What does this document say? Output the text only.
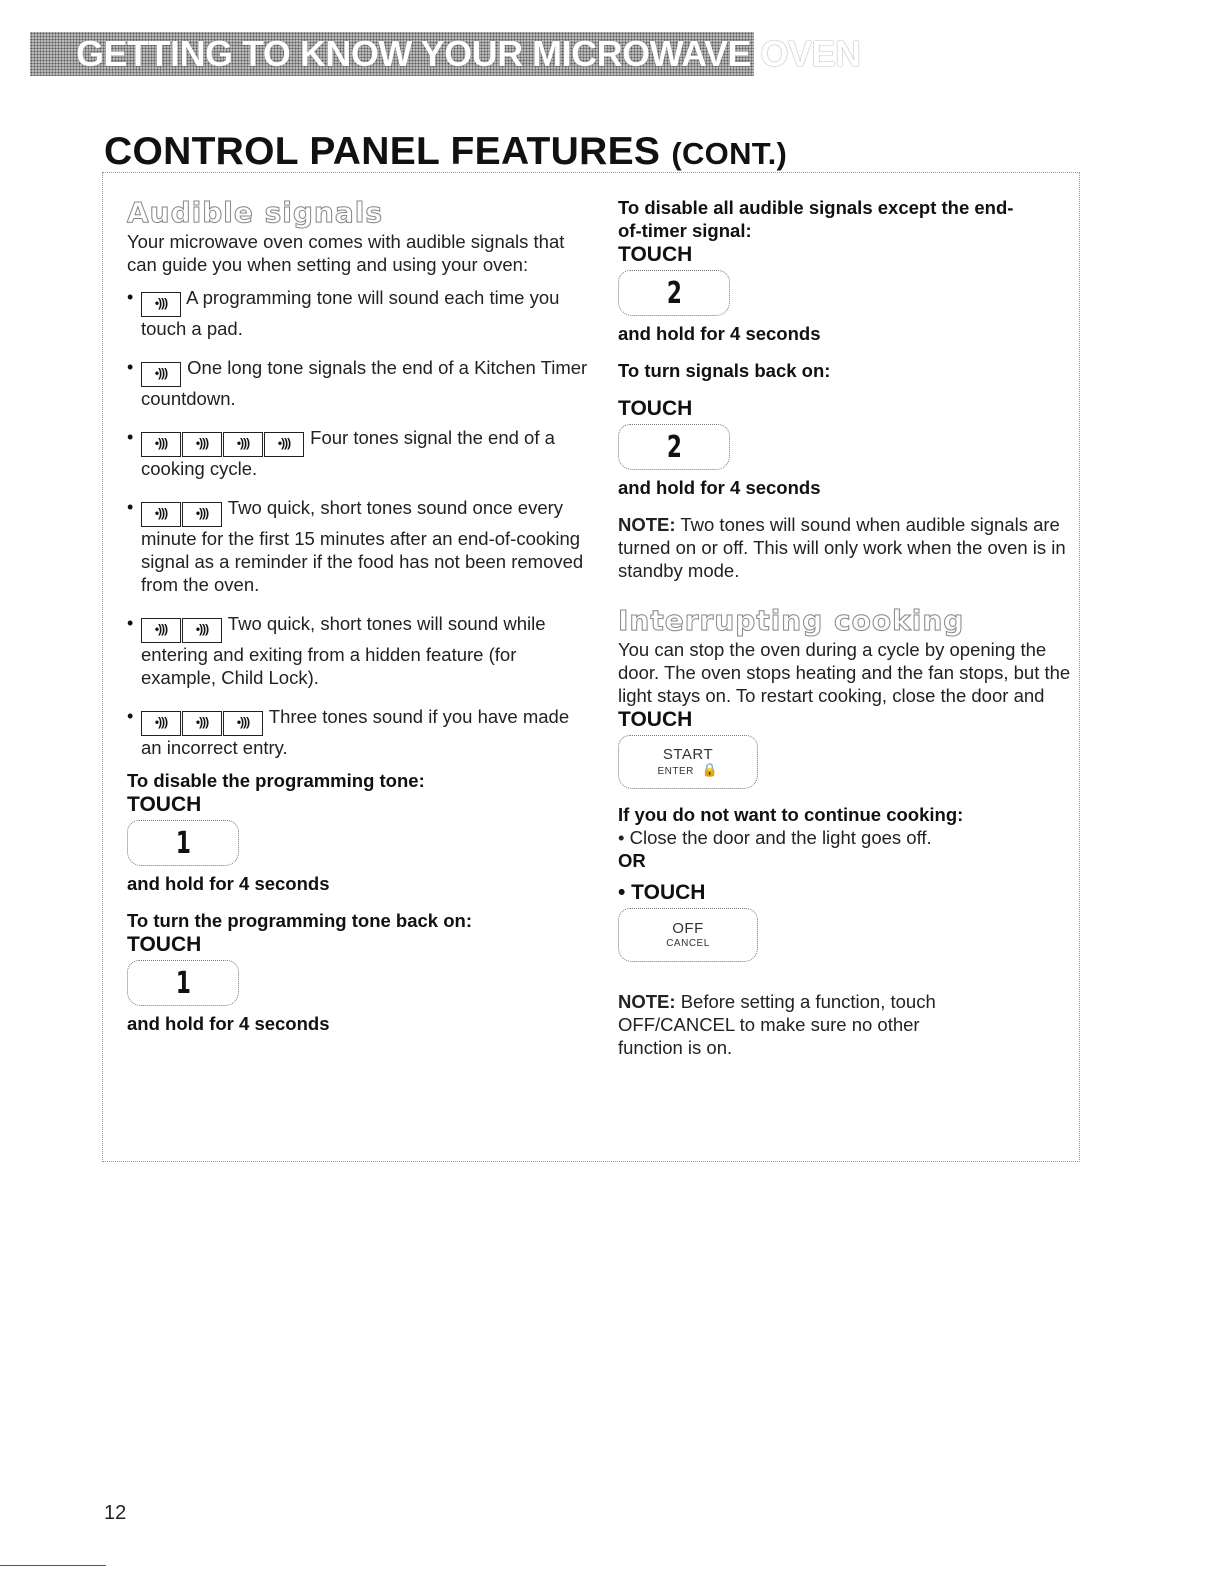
GETTING TO KNOW YOUR MICROWAVE OVEN
CONTROL PANEL FEATURES (CONT.)
Audible signals

Your microwave oven comes with audible signals that can guide you when setting and using your oven:

• •))) A programming tone will sound each time you touch a pad.
• •))) One long tone signals the end of a Kitchen Timer countdown.
• •))) •))) •))) •))) Four tones signal the end of a cooking cycle.
• •))) •))) Two quick, short tones sound once every minute for the first 15 minutes after an end-of-cooking signal as a reminder if the food has not been removed from the oven.
• •))) •))) Two quick, short tones will sound while entering and exiting from a hidden feature (for example, Child Lock).
• •))) •))) •))) Three tones sound if you have made an incorrect entry.
To disable the programming tone:
TOUCH
1
and hold for 4 seconds
To turn the programming tone back on:
TOUCH
1
and hold for 4 seconds
To disable all audible signals except the end-of-timer signal:
TOUCH
2
and hold for 4 seconds
To turn signals back on:
TOUCH
2
and hold for 4 seconds

NOTE: Two tones will sound when audible signals are turned on or off. This will only work when the oven is in standby mode.

Interrupting cooking

You can stop the oven during a cycle by opening the door. The oven stops heating and the fan stops, but the light stays on. To restart cooking, close the door and

TOUCH
START
ENTER 🔒
If you do not want to continue cooking:

• Close the door and the light goes off.

OR
• TOUCH
OFF
CANCEL

NOTE: Before setting a function, touch OFF/CANCEL to make sure no other function is on.

12
